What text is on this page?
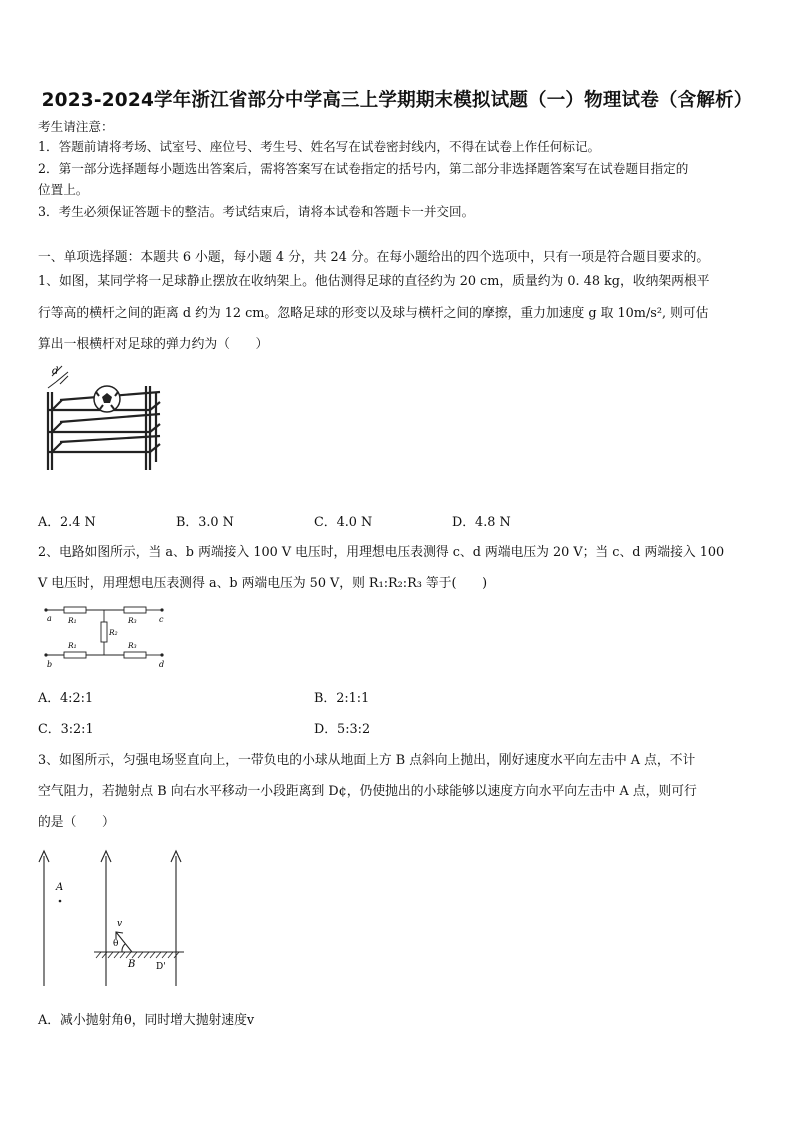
2023-2024学年浙江省部分中学高三上学期期末模拟试题（一）物理试卷（含解析）
考生请注意：
1．答题前请将考场、试室号、座位号、考生号、姓名写在试卷密封线内，不得在试卷上作任何标记。
2．第一部分选择题每小题选出答案后，需将答案写在试卷指定的括号内，第二部分非选择题答案写在试卷题目指定的
位置上。
3．考生必须保证答题卡的整洁。考试结束后，请将本试卷和答题卡一并交回。
一、单项选择题：本题共 6 小题，每小题 4 分，共 24 分。在每小题给出的四个选项中，只有一项是符合题目要求的。
1、如图，某同学将一足球静止摆放在收纳架上。他估测得足球的直径约为 20 cm，质量约为 0. 48 kg，收纳架两根平
行等高的横杆之间的距离 d 约为 12 cm。忽略足球的形变以及球与横杆之间的摩擦，重力加速度 g 取 10m/s², 则可估
算出一根横杆对足球的弹力约为（　　）
d
A．2.4 N	B．3.0 N	C．4.0 N	D．4.8 N
2、电路如图所示，当 a、b 两端接入 100 V 电压时，用理想电压表测得 c、d 两端电压为 20 V；当 c、d 两端接入 100
V 电压时，用理想电压表测得 a、b 两端电压为 50 V，则 R₁:R₂:R₃ 等于(　　)
a
b
c
d
R₁
R₁
R₂
R₃
R₃
A．4:2:1	B．2:1:1
C．3:2:1	D．5:3:2
3、如图所示，匀强电场竖直向上，一带负电的小球从地面上方 B 点斜向上抛出，刚好速度水平向左击中 A 点，不计
空气阻力，若抛射点 B 向右水平移动一小段距离到 D¢，仍使抛出的小球能够以速度方向水平向左击中 A 点，则可行
的是（　　）
A
v
θ
B D'
A．减小抛射角θ，同时增大抛射速度v
